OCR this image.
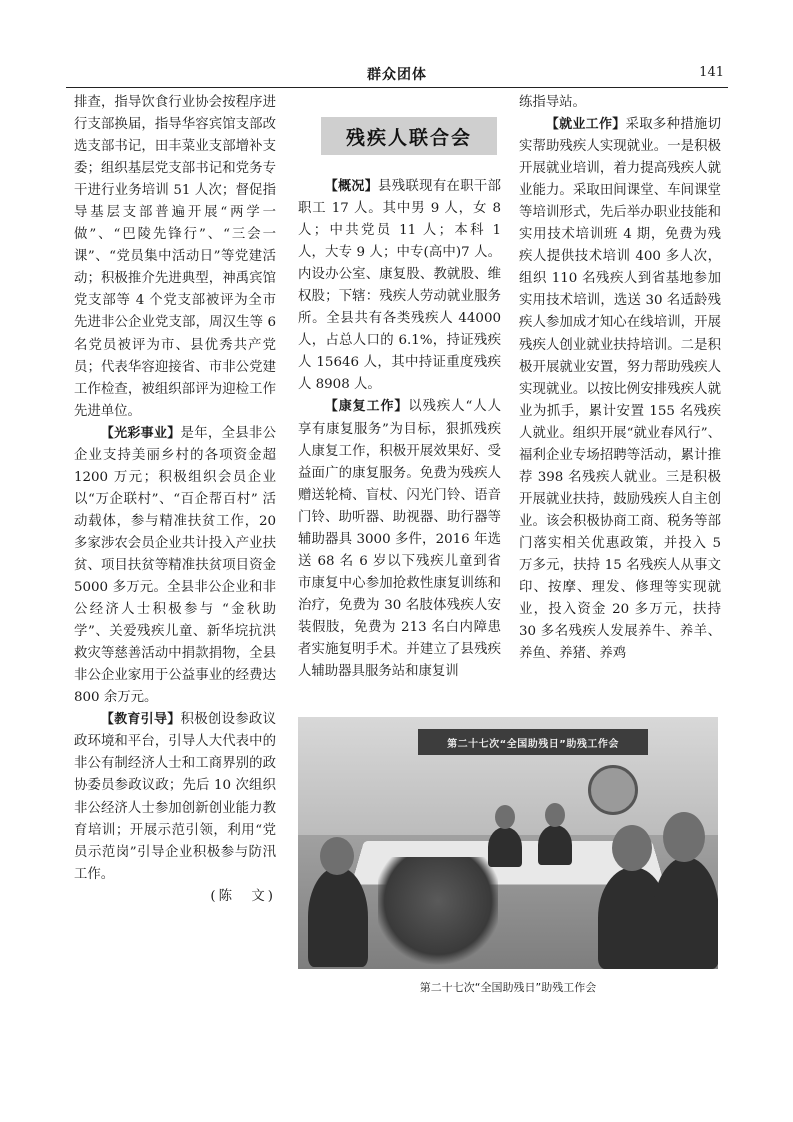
群众团体	141

排查，指导饮食行业协会按程序进行支部换届，指导华容宾馆支部改选支部书记，田丰菜业支部增补支委；组织基层党支部书记和党务专干进行业务培训 51 人次；督促指导基层支部普遍开展“两学一做”、“巴陵先锋行”、“三会一课”、“党员集中活动日”等党建活动；积极推介先进典型，神禹宾馆党支部等 4 个党支部被评为全市先进非公企业党支部，周汉生等 6 名党员被评为市、县优秀共产党员；代表华容迎接省、市非公党建工作检查，被组织部评为迎检工作先进单位。

【光彩事业】是年，全县非公企业支持美丽乡村的各项资金超 1200 万元；积极组织会员企业以“万企联村”、“百企帮百村” 活动载体，参与精准扶贫工作，20 多家涉农会员企业共计投入产业扶贫、项目扶贫等精准扶贫项目资金 5000 多万元。全县非公企业和非公经济人士积极参与 “金秋助学”、关爱残疾儿童、新华垸抗洪救灾等慈善活动中捐款捐物，全县非公企业家用于公益事业的经费达 800 余万元。

【教育引导】积极创设参政议政环境和平台，引导人大代表中的非公有制经济人士和工商界别的政协委员参政议政；先后 10 次组织非公经济人士参加创新创业能力教育培训；开展示范引领，利用“党员示范岗”引导企业积极参与防汛工作。

(陈　文)

残疾人联合会

【概况】县残联现有在职干部职工 17 人。其中男 9 人，女 8 人；中共党员 11 人；本科 1 人，大专 9 人；中专(高中)7 人。内设办公室、康复股、教就股、维权股；下辖：残疾人劳动就业服务所。全县共有各类残疾人 44000 人，占总人口的 6.1%，持证残疾人 15646 人，其中持证重度残疾人 8908 人。

【康复工作】以残疾人“人人享有康复服务”为目标，狠抓残疾人康复工作，积极开展效果好、受益面广的康复服务。免费为残疾人赠送轮椅、盲杖、闪光门铃、语音门铃、助听器、助视器、助行器等辅助器具 3000 多件，2016 年选送 68 名 6 岁以下残疾儿童到省市康复中心参加抢救性康复训练和治疗，免费为 30 名肢体残疾人安装假肢，免费为 213 名白内障患者实施复明手术。并建立了县残疾人辅助器具服务站和康复训

练指导站。

【就业工作】采取多种措施切实帮助残疾人实现就业。一是积极开展就业培训，着力提高残疾人就业能力。采取田间课堂、车间课堂等培训形式，先后举办职业技能和实用技术培训班 4 期，免费为残疾人提供技术培训 400 多人次，组织 110 名残疾人到省基地参加实用技术培训，选送 30 名适龄残疾人参加成才知心在线培训，开展残疾人创业就业扶持培训。二是积极开展就业安置，努力帮助残疾人实现就业。以按比例安排残疾人就业为抓手，累计安置 155 名残疾人就业。组织开展“就业春风行”、福利企业专场招聘等活动，累计推荐 398 名残疾人就业。三是积极开展就业扶持，鼓励残疾人自主创业。该会积极协商工商、税务等部门落实相关优惠政策，并投入 5 万多元，扶持 15 名残疾人从事文印、按摩、理发、修理等实现就业，投入资金 20 多万元，扶持 30 多名残疾人发展养牛、养羊、养鱼、养猪、养鸡

第二十七次“全国助残日”助残工作会
第二十七次“全国助残日”助残工作会
